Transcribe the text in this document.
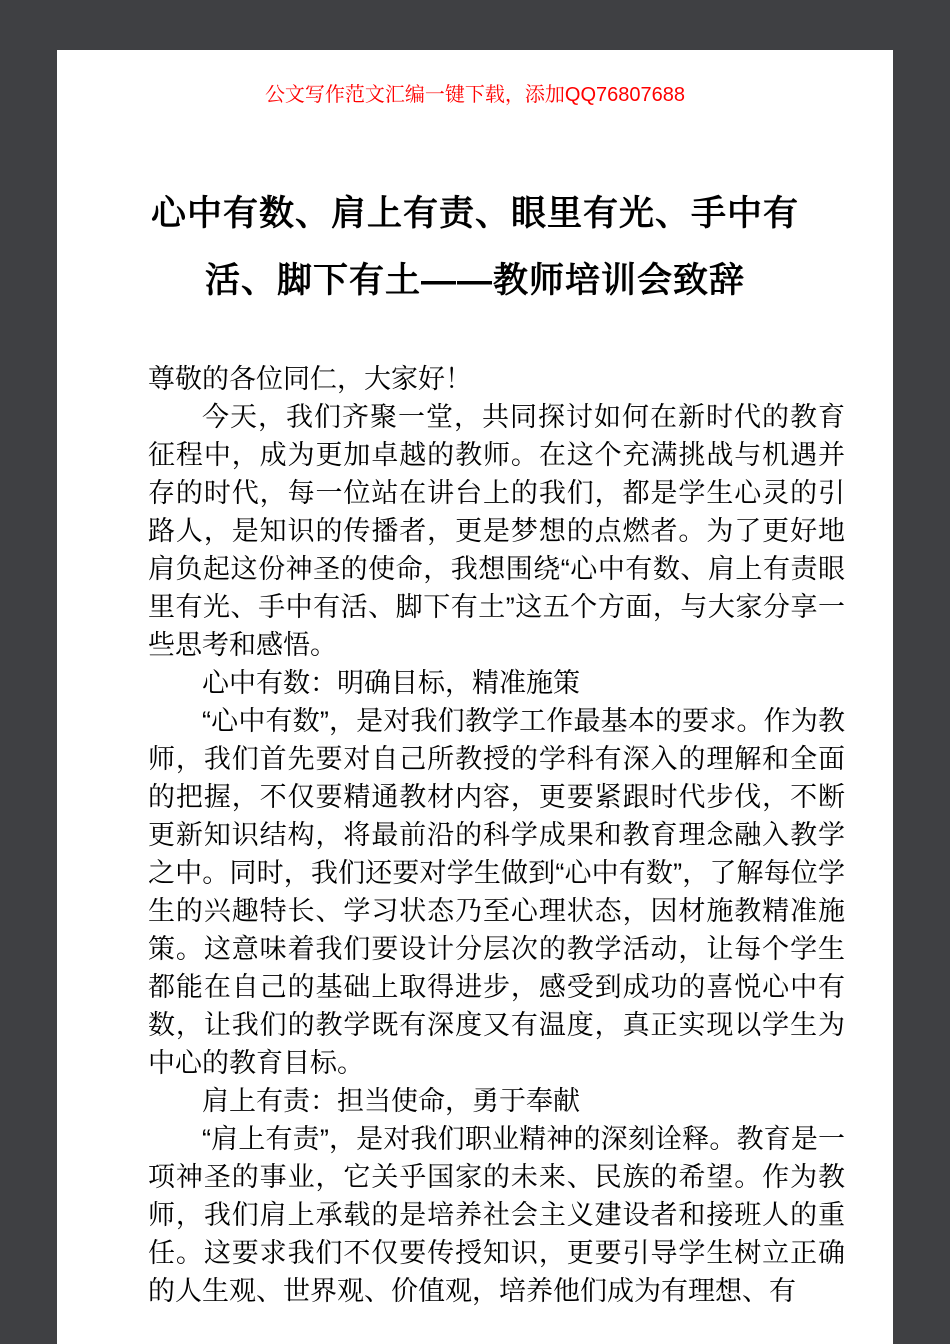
公文写作范文汇编一键下载，添加QQ76807688
心中有数、肩上有责、眼里有光、手中有
活、脚下有土——教师培训会致辞

尊敬的各位同仁，大家好！

今天，我们齐聚一堂，共同探讨如何在新时代的教育征程中，成为更加卓越的教师。在这个充满挑战与机遇并存的时代，每一位站在讲台上的我们，都是学生心灵的引路人，是知识的传播者，更是梦想的点燃者。为了更好地肩负起这份神圣的使命，我想围绕“心中有数、肩上有责眼里有光、手中有活、脚下有土”这五个方面，与大家分享一些思考和感悟。

心中有数：明确目标，精准施策

“心中有数”，是对我们教学工作最基本的要求。作为教师，我们首先要对自己所教授的学科有深入的理解和全面的把握，不仅要精通教材内容，更要紧跟时代步伐，不断更新知识结构，将最前沿的科学成果和教育理念融入教学之中。同时，我们还要对学生做到“心中有数”，了解每位学生的兴趣特长、学习状态乃至心理状态，因材施教精准施策。这意味着我们要设计分层次的教学活动，让每个学生都能在自己的基础上取得进步，感受到成功的喜悦心中有数，让我们的教学既有深度又有温度，真正实现以学生为中心的教育目标。

肩上有责：担当使命，勇于奉献

“肩上有责”，是对我们职业精神的深刻诠释。教育是一项神圣的事业，它关乎国家的未来、民族的希望。作为教师，我们肩上承载的是培养社会主义建设者和接班人的重任。这要求我们不仅要传授知识，更要引导学生树立正确的人生观、世界观、价值观，培养他们成为有理想、有
